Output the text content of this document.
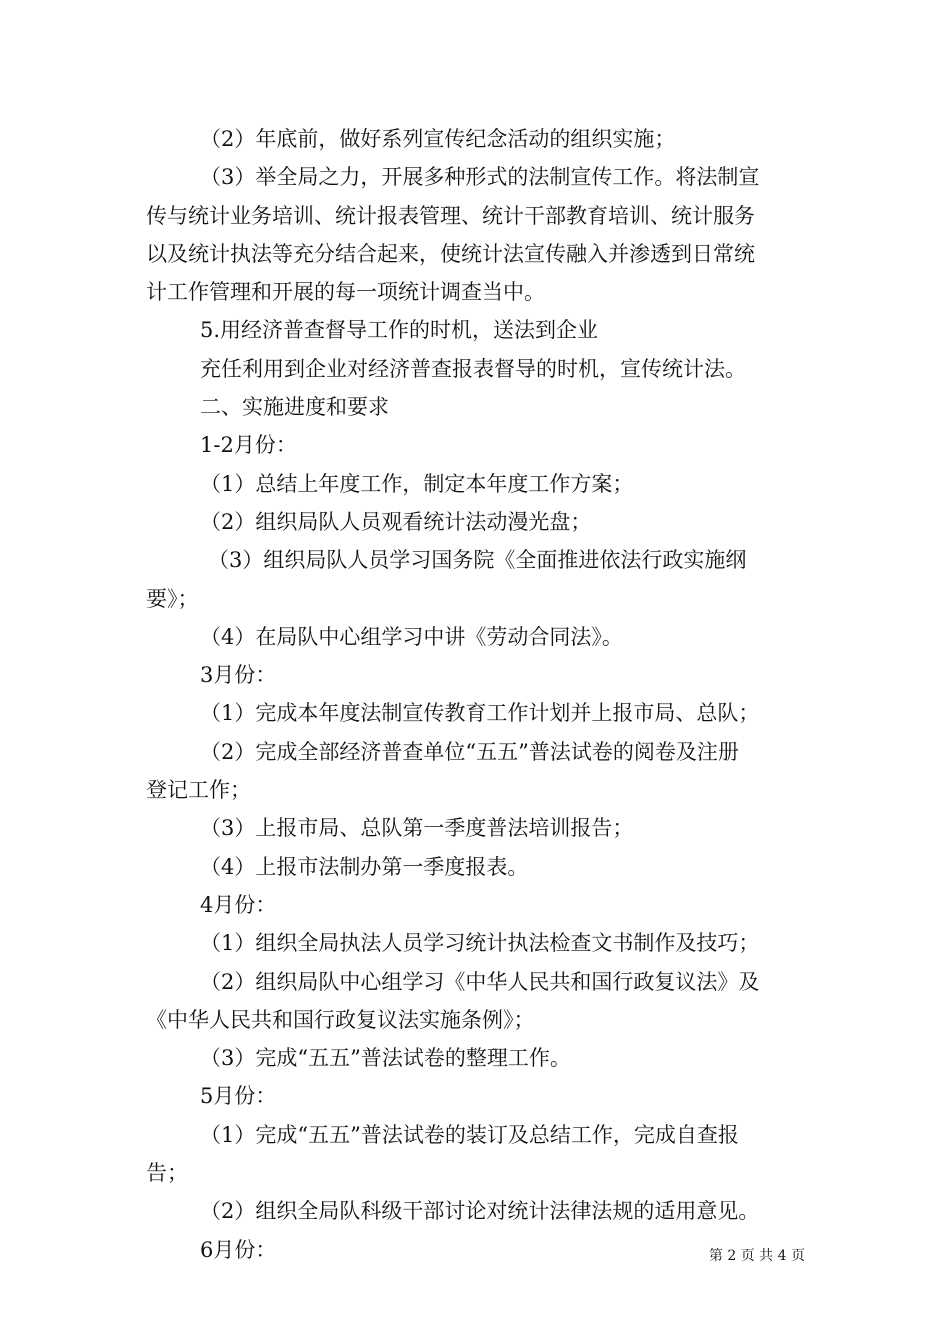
（2）年底前，做好系列宣传纪念活动的组织实施；
（3）举全局之力，开展多种形式的法制宣传工作。将法制宣
传与统计业务培训、统计报表管理、统计干部教育培训、统计服务
以及统计执法等充分结合起来，使统计法宣传融入并渗透到日常统
计工作管理和开展的每一项统计调查当中。
5.用经济普查督导工作的时机，送法到企业
充任利用到企业对经济普查报表督导的时机，宣传统计法。
二、实施进度和要求
1-2月份：
（1）总结上年度工作，制定本年度工作方案；
（2）组织局队人员观看统计法动漫光盘；
（3）组织局队人员学习国务院《全面推进依法行政实施纲
要》；
（4）在局队中心组学习中讲《劳动合同法》。
3月份：
（1）完成本年度法制宣传教育工作计划并上报市局、总队；
（2）完成全部经济普查单位“五五”普法试卷的阅卷及注册
登记工作；
（3）上报市局、总队第一季度普法培训报告；
（4）上报市法制办第一季度报表。
4月份：
（1）组织全局执法人员学习统计执法检查文书制作及技巧；
（2）组织局队中心组学习《中华人民共和国行政复议法》及
《中华人民共和国行政复议法实施条例》；
（3）完成“五五”普法试卷的整理工作。
5月份：
（1）完成“五五”普法试卷的装订及总结工作，完成自查报
告；
（2）组织全局队科级干部讨论对统计法律法规的适用意见。
6月份：	第 2 页 共 4 页
